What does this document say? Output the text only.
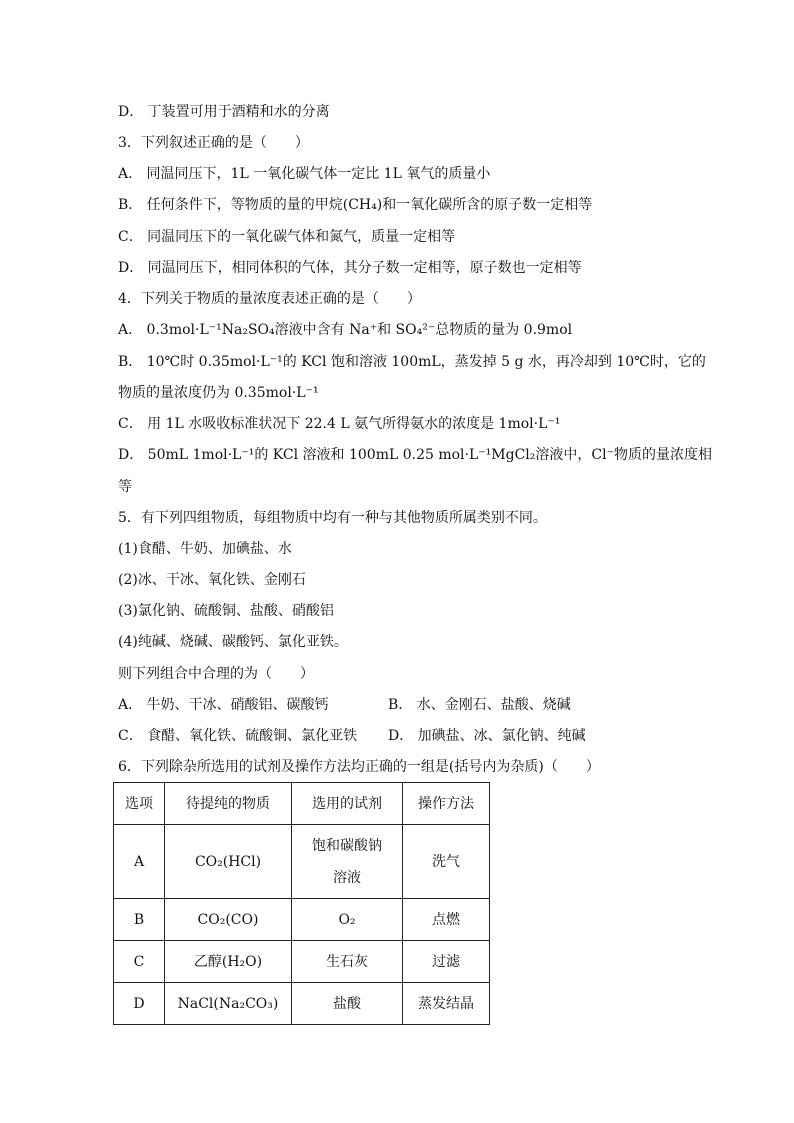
D． 丁装置可用于酒精和水的分离
3．下列叙述正确的是（　　）
A． 同温同压下，1L 一氧化碳气体一定比 1L 氧气的质量小
B． 任何条件下，等物质的量的甲烷(CH₄)和一氧化碳所含的原子数一定相等
C． 同温同压下的一氧化碳气体和氮气，质量一定相等
D． 同温同压下，相同体积的气体，其分子数一定相等，原子数也一定相等
4．下列关于物质的量浓度表述正确的是（　　）
A． 0.3mol·L⁻¹Na₂SO₄溶液中含有 Na⁺和 SO₄²⁻总物质的量为 0.9mol
B． 10℃时 0.35mol·L⁻¹的 KCl 饱和溶液 100mL，蒸发掉 5 g 水，再冷却到 10℃时，它的
物质的量浓度仍为 0.35mol·L⁻¹
C． 用 1L 水吸收标准状况下 22.4 L 氨气所得氨水的浓度是 1mol·L⁻¹
D． 50mL 1mol·L⁻¹的 KCl 溶液和 100mL 0.25 mol·L⁻¹MgCl₂溶液中，Cl⁻物质的量浓度相
等
5．有下列四组物质，每组物质中均有一种与其他物质所属类别不同。
(1)食醋、牛奶、加碘盐、水
(2)冰、干冰、氧化铁、金刚石
(3)氯化钠、硫酸铜、盐酸、硝酸铝
(4)纯碱、烧碱、碳酸钙、氯化亚铁。
则下列组合中合理的为（　　）
A． 牛奶、干冰、硝酸铝、碳酸钙	B． 水、金刚石、盐酸、烧碱
C． 食醋、氧化铁、硫酸铜、氯化亚铁 D． 加碘盐、冰、氯化钠、纯碱
6．下列除杂所选用的试剂及操作方法均正确的一组是(括号内为杂质)（　　）
选项	待提纯的物质	选用的试剂	操作方法
A	CO₂(HCl)	饱和碳酸钠溶液	洗气
B	CO₂(CO)	O₂	点燃
C	乙醇(H₂O)	生石灰	过滤
D	NaCl(Na₂CO₃)	盐酸	蒸发结晶
